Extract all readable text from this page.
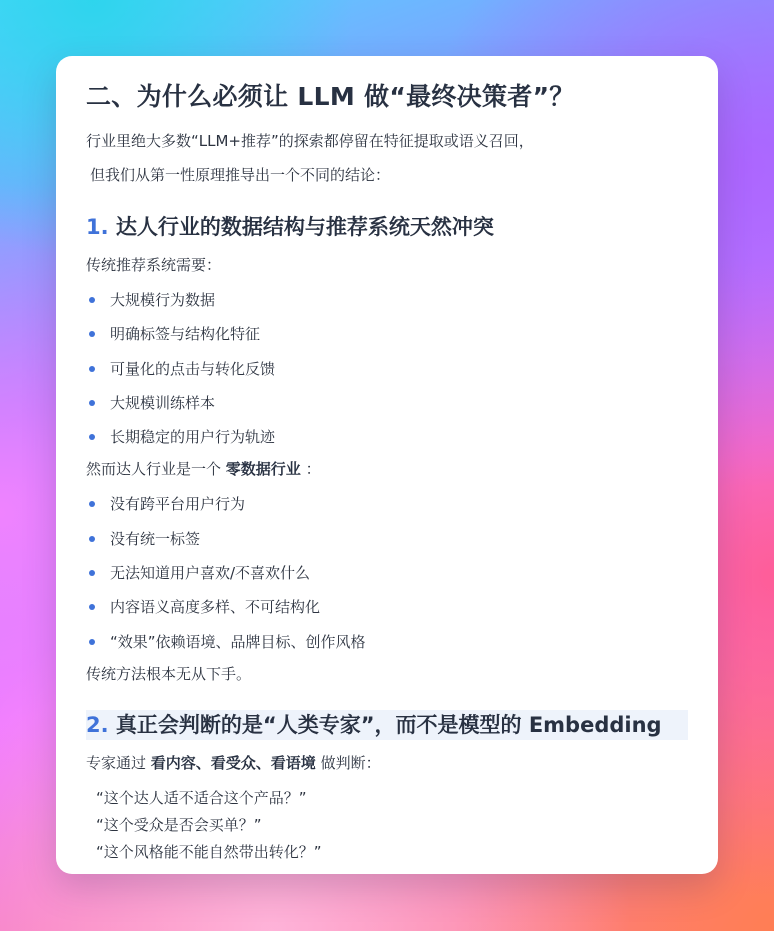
二、为什么必须让 LLM 做“最终决策者”？
行业里绝大多数“LLM+推荐”的探索都停留在特征提取或语义召回，
但我们从第一性原理推导出一个不同的结论：
1. 达人行业的数据结构与推荐系统天然冲突
传统推荐系统需要：
大规模行为数据
明确标签与结构化特征
可量化的点击与转化反馈
大规模训练样本
长期稳定的用户行为轨迹
然而达人行业是一个 零数据行业 ：
没有跨平台用户行为
没有统一标签
无法知道用户喜欢/不喜欢什么
内容语义高度多样、不可结构化
“效果”依赖语境、品牌目标、创作风格
传统方法根本无从下手。
2. 真正会判断的是“人类专家”，而不是模型的 Embedding
专家通过 看内容、看受众、看语境 做判断：
“这个达人适不适合这个产品？”
“这个受众是否会买单？”
“这个风格能不能自然带出转化？”
